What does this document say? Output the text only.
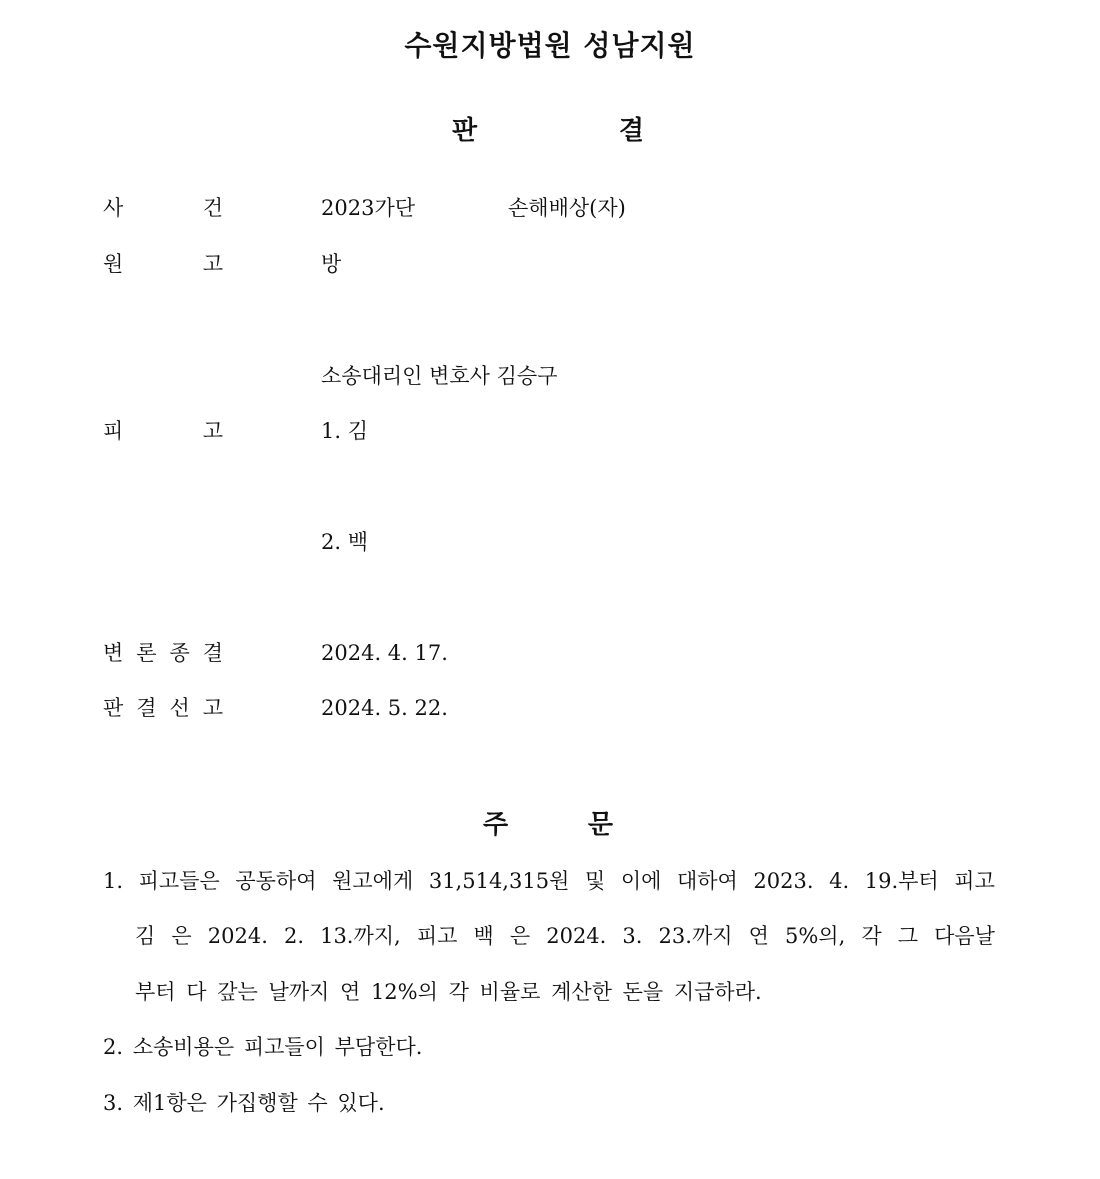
수원지방법원 성남지원
판	결
사	건	2023가단	손해배상(자)
원	고	방
소송대리인 변호사 김승구
피	고	1. 김
2. 백
변 론 종 결	2024. 4. 17.
판 결 선 고	2024. 5. 22.
주	문
1. 피고들은 공동하여 원고에게 31,514,315원 및 이에 대하여 2023. 4. 19.부터 피고
김 은 2024. 2. 13.까지, 피고 백 은 2024. 3. 23.까지 연 5%의, 각 그 다음날
부터 다 갚는 날까지 연 12%의 각 비율로 계산한 돈을 지급하라.
2. 소송비용은 피고들이 부담한다.
3. 제1항은 가집행할 수 있다.
